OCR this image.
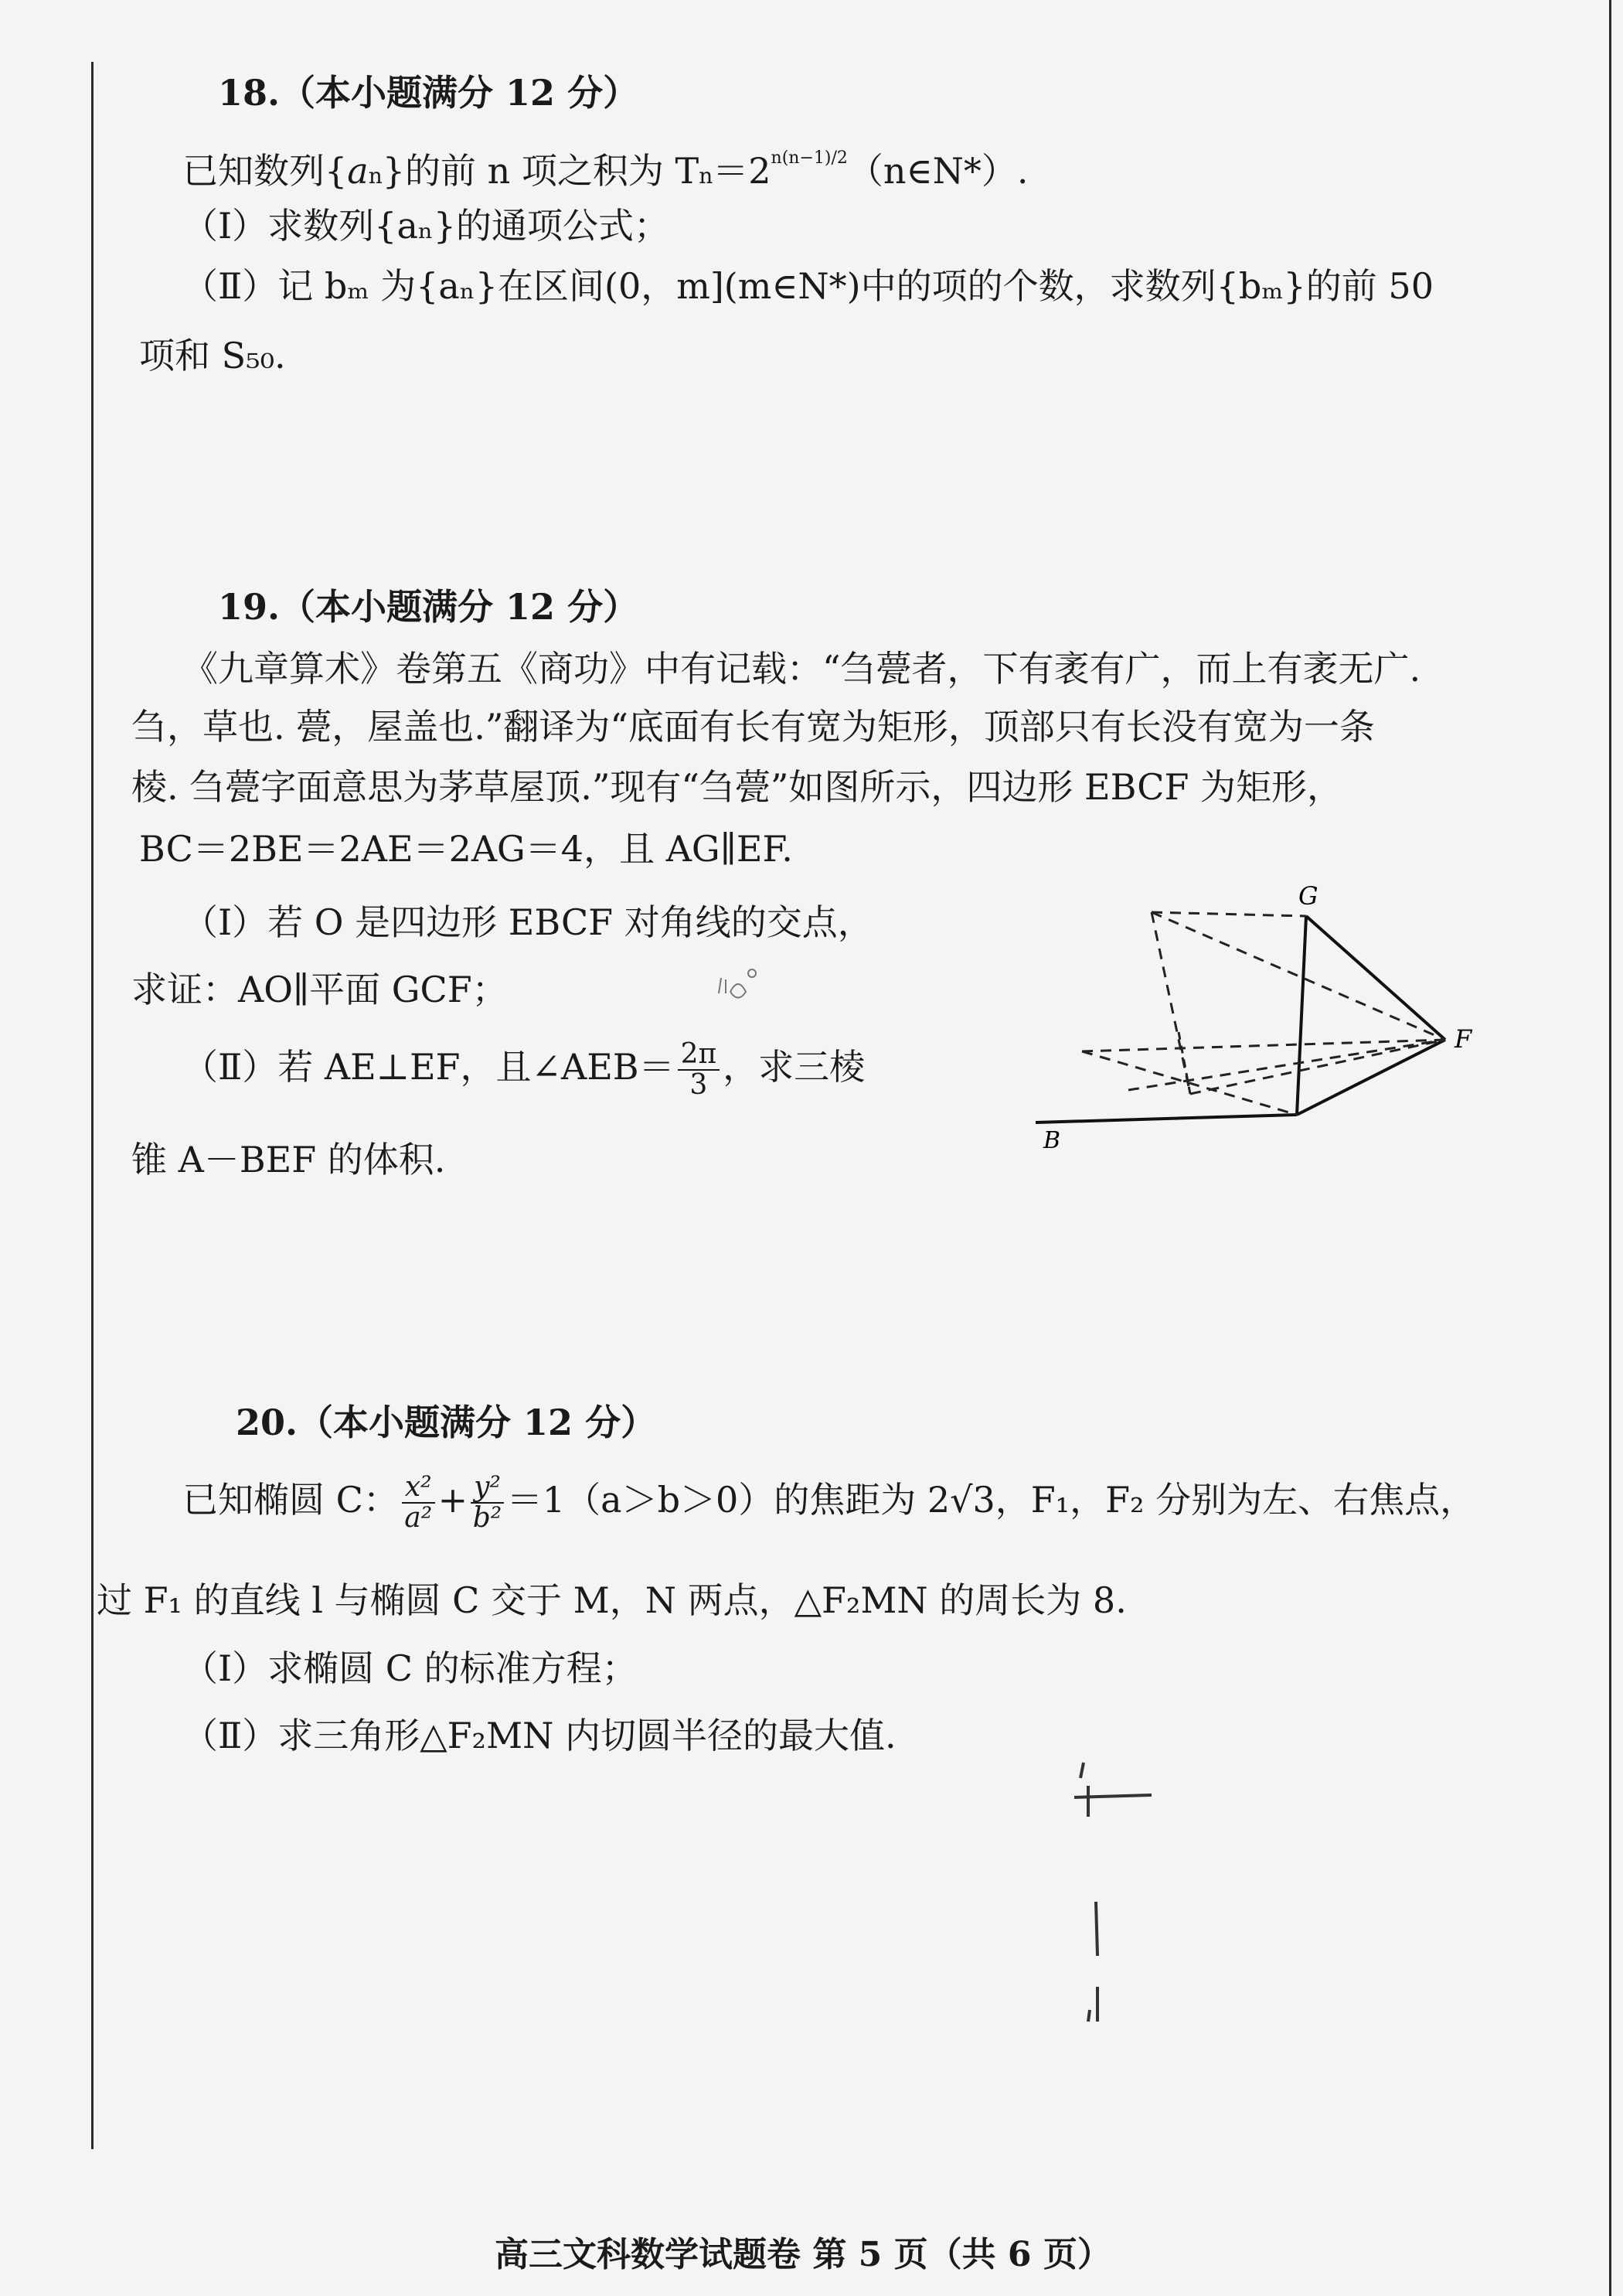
18.（本小题满分 12 分）
已知数列{an}的前 n 项之积为 $Tn=2^{n(n-1)/2}(n\in N*)$.
（Ⅰ）求数列{aₙ}的通项公式；
（Ⅱ）记 bₘ 为{aₙ}在区间(0，m](m∈N*)中的项的个数，求数列{bₘ}的前 50
项和 S₅₀.
19.（本小题满分 12 分）
《九章算术》卷第五《商功》中有记载：“刍甍者，下有袤有广，而上有袤无广.
刍，草也. 甍，屋盖也.”翻译为“底面有长有宽为矩形，顶部只有长没有宽为一条
棱. 刍甍字面意思为茅草屋顶.”现有“刍甍”如图所示，四边形 EBCF 为矩形，
BC＝2BE＝2AE＝2AG＝4，且 AG∥EF.
（Ⅰ）若 O 是四边形 EBCF 对角线的交点，
求证：AO∥平面 GCF；
（Ⅱ）若 AE⊥EF，且∠AEB＝ $\frac{2\pi}{3}$ ，求三棱
锥 A－BEF 的体积.
G
F
B
20.（本小题满分 12 分）
已知椭圆 C： $\frac{\text{x²}}{\text{a²}} + \frac{\text{y²}}{\text{b²}} =1(a>b>0)$的焦距为 2√3，F₁，F₂ 分别为左、右焦点，
过 F₁ 的直线 l 与椭圆 C 交于 M，N 两点，△F₂MN 的周长为 8.
（Ⅰ）求椭圆 C 的标准方程；
（Ⅱ）求三角形△F₂MN 内切圆半径的最大值.
高三文科数学试题卷 第 5 页（共 6 页）
